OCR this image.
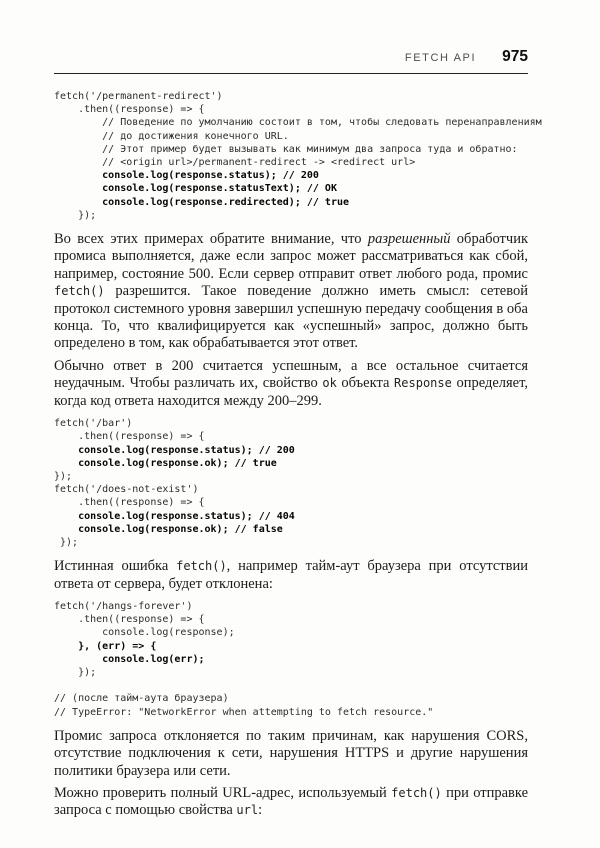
FETCH API 975
fetch('/permanent-redirect')
.then((response) => {
// Поведение по умолчанию состоит в том, чтобы следовать перенаправлениям
// до достижения конечного URL.
// Этот пример будет вызывать как минимум два запроса туда и обратно:
// <origin url>/permanent-redirect -> <redirect url>
console.log(response.status); // 200
console.log(response.statusText); // OK
console.log(response.redirected); // true
});

Во всех этих примерах обратите внимание, что разрешенный обработчик промиса выполняется, даже если запрос может рассматриваться как сбой, например, состояние 500. Если сервер отправит ответ любого рода, промис fetch() разрешится. Такое поведение должно иметь смысл: сетевой протокол системного уровня завершил успешную передачу сообщения в оба конца. То, что квалифицируется как «успешный» запрос, должно быть определено в том, как обрабатывается этот ответ.

Обычно ответ в 200 считается успешным, а все остальное считается неудачным. Чтобы различать их, свойство ok объекта Response определяет, когда код ответа находится между 200–299.

fetch('/bar')
.then((response) => {
console.log(response.status); // 200
console.log(response.ok); // true
});
fetch('/does-not-exist')
.then((response) => {
console.log(response.status); // 404
console.log(response.ok); // false
});

Истинная ошибка fetch(), например тайм-аут браузера при отсутствии ответа от сервера, будет отклонена:

fetch('/hangs-forever')
.then((response) => {
console.log(response);
}, (err) => {
console.log(err);
});

// (после тайм-аута браузера)
// TypeError: "NetworkError when attempting to fetch resource."

Промис запроса отклоняется по таким причинам, как нарушения CORS, отсутствие подключения к сети, нарушения HTTPS и другие нарушения политики браузера или сети.

Можно проверить полный URL-адрес, используемый fetch() при отправке запроса с помощью свойства url:
